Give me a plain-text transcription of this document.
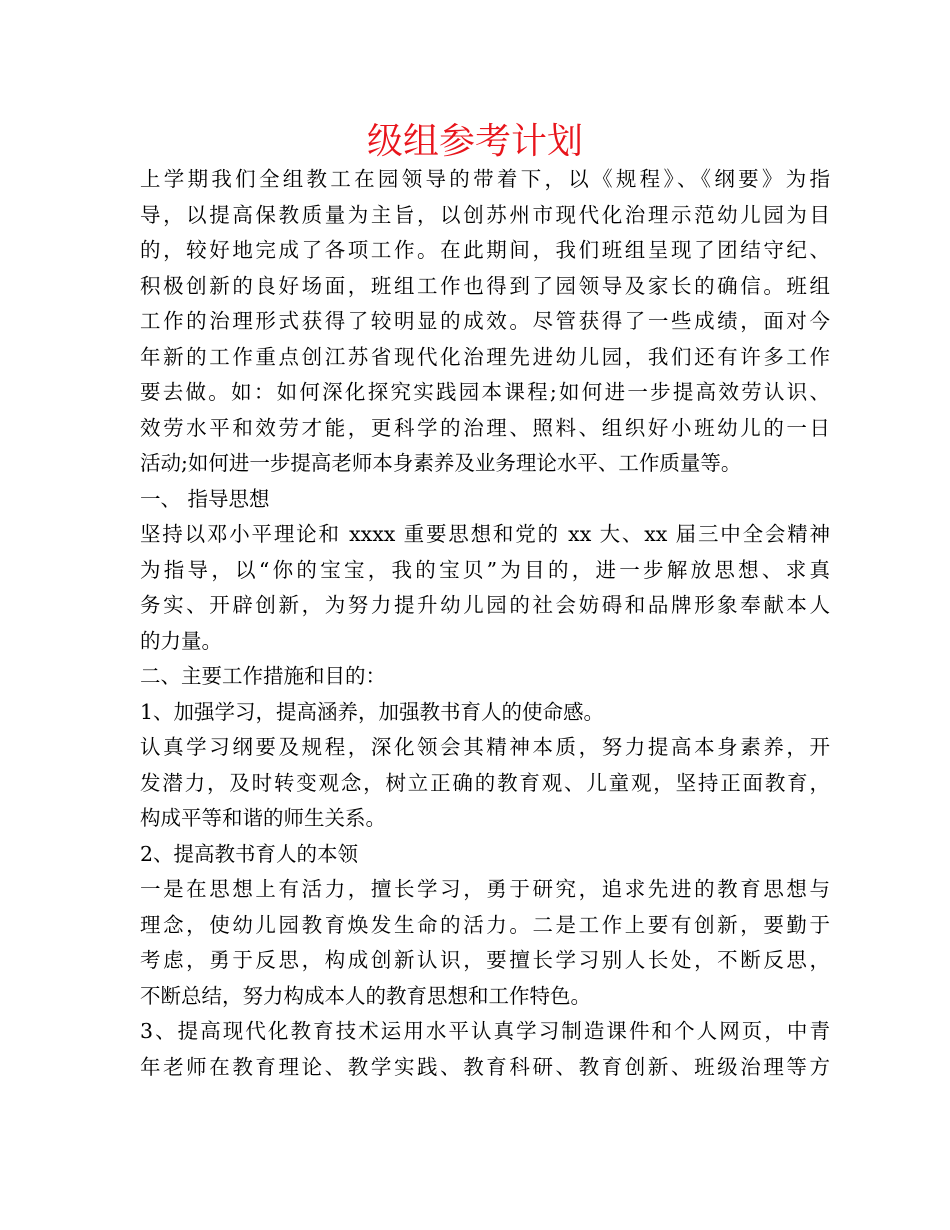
级组参考计划
上学期我们全组教工在园领导的带着下，以《规程》、《纲要》为指
导，以提高保教质量为主旨，以创苏州市现代化治理示范幼儿园为目
的，较好地完成了各项工作。在此期间，我们班组呈现了团结守纪、
积极创新的良好场面，班组工作也得到了园领导及家长的确信。班组
工作的治理形式获得了较明显的成效。尽管获得了一些成绩，面对今
年新的工作重点创江苏省现代化治理先进幼儿园，我们还有许多工作
要去做。如：如何深化探究实践园本课程;如何进一步提高效劳认识、
效劳水平和效劳才能，更科学的治理、照料、组织好小班幼儿的一日
活动;如何进一步提高老师本身素养及业务理论水平、工作质量等。
一、 指导思想
坚持以邓小平理论和 xxxx 重要思想和党的 xx 大、xx 届三中全会精神
为指导，以“你的宝宝，我的宝贝”为目的，进一步解放思想、求真
务实、开辟创新，为努力提升幼儿园的社会妨碍和品牌形象奉献本人
的力量。
二、主要工作措施和目的：
1、加强学习，提高涵养，加强教书育人的使命感。
认真学习纲要及规程，深化领会其精神本质，努力提高本身素养，开
发潜力，及时转变观念，树立正确的教育观、儿童观，坚持正面教育，
构成平等和谐的师生关系。
2、提高教书育人的本领
一是在思想上有活力，擅长学习，勇于研究，追求先进的教育思想与
理念，使幼儿园教育焕发生命的活力。二是工作上要有创新，要勤于
考虑，勇于反思，构成创新认识，要擅长学习别人长处，不断反思，
不断总结，努力构成本人的教育思想和工作特色。
3、提高现代化教育技术运用水平认真学习制造课件和个人网页，中青
年老师在教育理论、教学实践、教育科研、教育创新、班级治理等方
